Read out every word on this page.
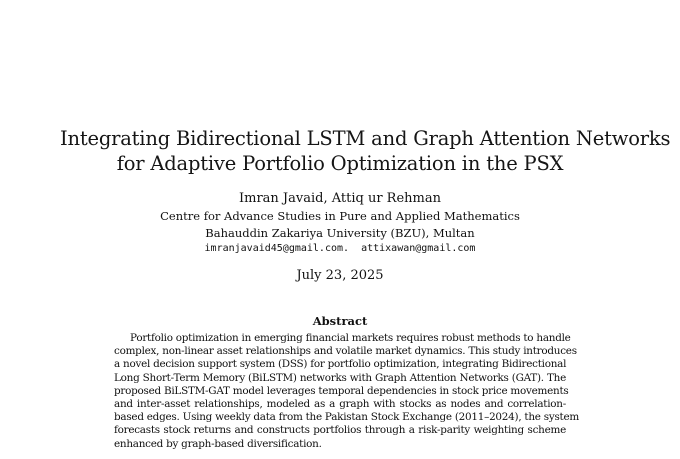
Integrating Bidirectional LSTM and Graph Attention Networks
for Adaptive Portfolio Optimization in the PSX
Imran Javaid, Attiq ur Rehman
Centre for Advance Studies in Pure and Applied Mathematics
Bahauddin Zakariya University (BZU), Multan
imranjavaid45@gmail.com.  attixawan@gmail.com
July 23, 2025
Abstract
Portfolio optimization in emerging financial markets requires robust methods to handle
complex, non-linear asset relationships and volatile market dynamics. This study introduces
a novel decision support system (DSS) for portfolio optimization, integrating Bidirectional
Long Short-Term Memory (BiLSTM) networks with Graph Attention Networks (GAT). The
proposed BiLSTM-GAT model leverages temporal dependencies in stock price movements
and inter-asset relationships, modeled as a graph with stocks as nodes and correlation-
based edges. Using weekly data from the Pakistan Stock Exchange (2011–2024), the system
forecasts stock returns and constructs portfolios through a risk-parity weighting scheme
enhanced by graph-based diversification.
